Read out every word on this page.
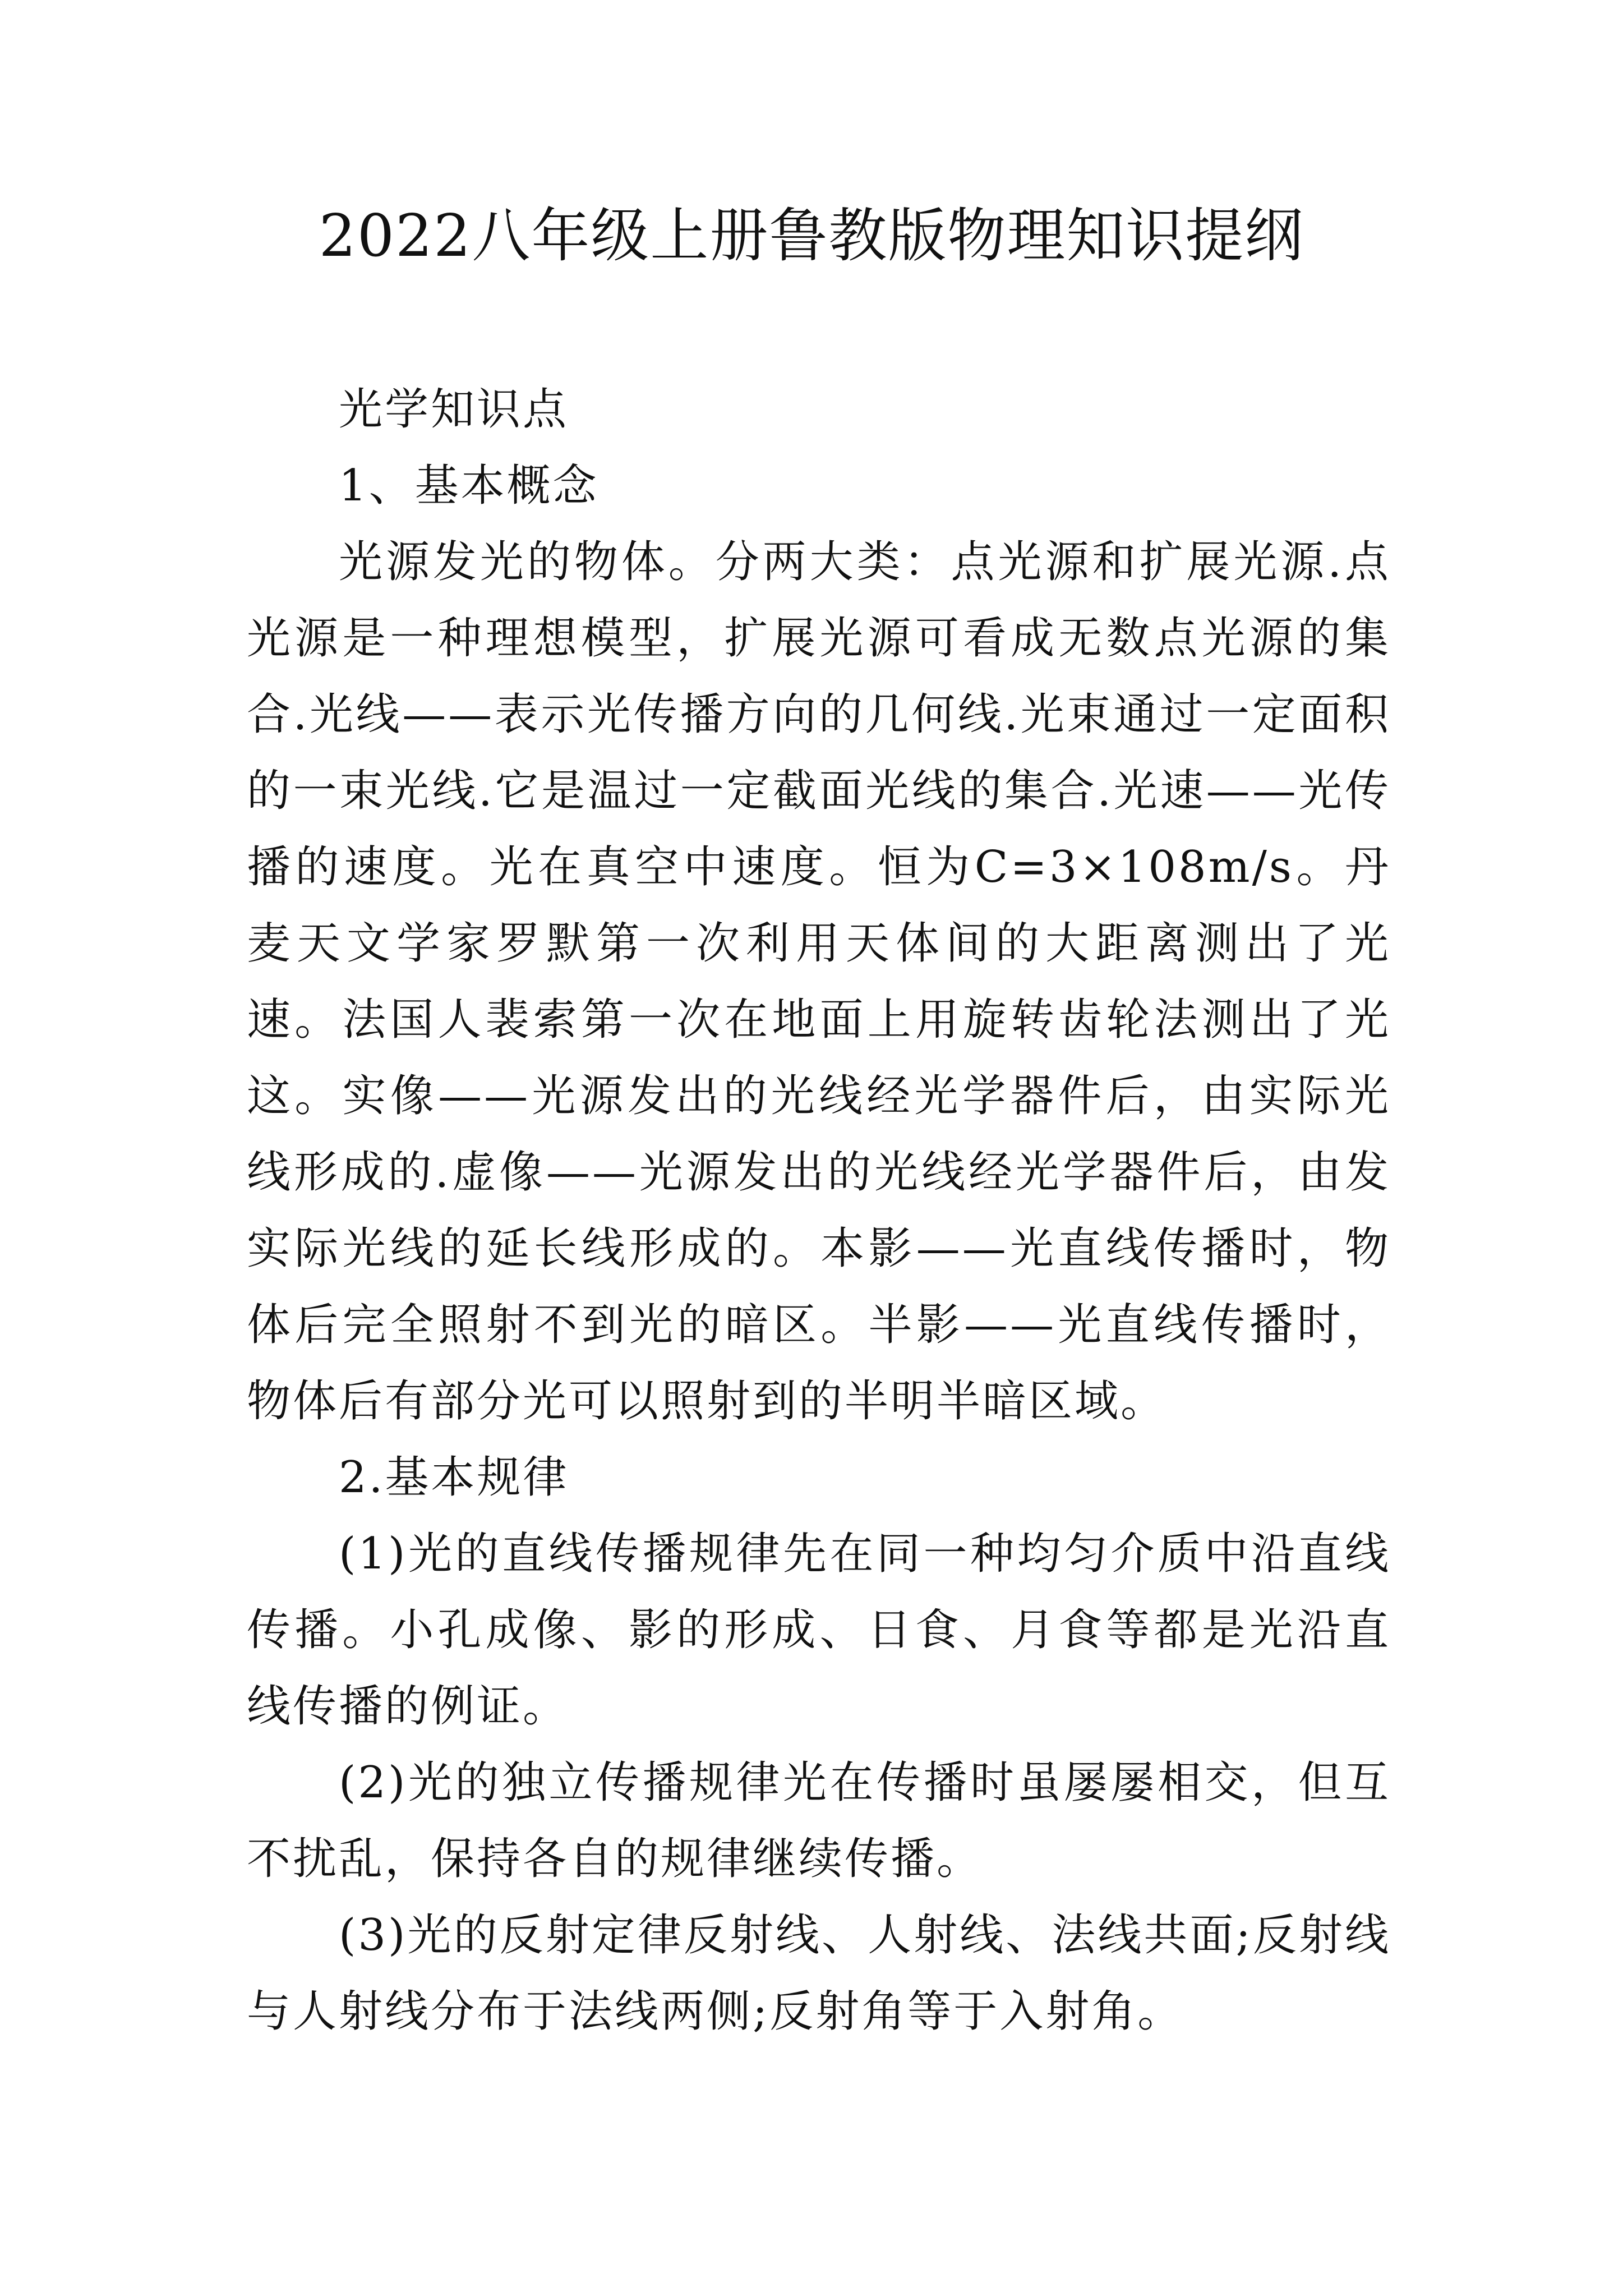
2022八年级上册鲁教版物理知识提纲

光学知识点

1、基本概念

光源发光的物体。分两大类：点光源和扩展光源.点光源是一种理想模型，扩展光源可看成无数点光源的集合.光线——表示光传播方向的几何线.光束通过一定面积的一束光线.它是温过一定截面光线的集合.光速——光传播的速度。光在真空中速度。恒为C=3×108m/s。丹麦天文学家罗默第一次利用天体间的大距离测出了光速。法国人裴索第一次在地面上用旋转齿轮法测出了光这。实像——光源发出的光线经光学器件后，由实际光线形成的.虚像——光源发出的光线经光学器件后，由发实际光线的延长线形成的。本影——光直线传播时，物体后完全照射不到光的暗区。半影——光直线传播时，物体后有部分光可以照射到的半明半暗区域。

2.基本规律

(1)光的直线传播规律先在同一种均匀介质中沿直线传播。小孔成像、影的形成、日食、月食等都是光沿直线传播的例证。

(2)光的独立传播规律光在传播时虽屡屡相交，但互不扰乱，保持各自的规律继续传播。

(3)光的反射定律反射线、人射线、法线共面;反射线与人射线分布于法线两侧;反射角等于入射角。
